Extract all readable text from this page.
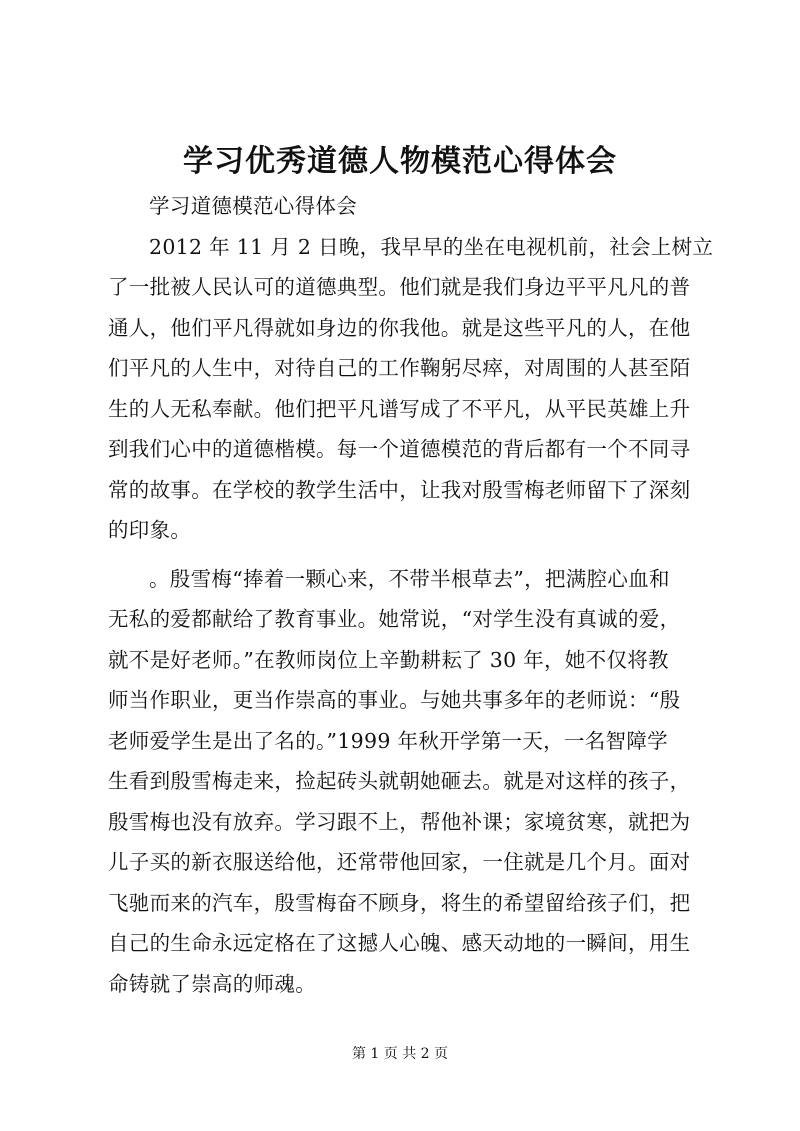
学习优秀道德人物模范心得体会
学习道德模范心得体会
2012 年 11 月 2 日晚，我早早的坐在电视机前，社会上树立
了一批被人民认可的道德典型。他们就是我们身边平平凡凡的普
通人，他们平凡得就如身边的你我他。就是这些平凡的人，在他
们平凡的人生中，对待自己的工作鞠躬尽瘁，对周围的人甚至陌
生的人无私奉献。他们把平凡谱写成了不平凡，从平民英雄上升
到我们心中的道德楷模。每一个道德模范的背后都有一个不同寻
常的故事。在学校的教学生活中，让我对殷雪梅老师留下了深刻
的印象。
。殷雪梅“捧着一颗心来，不带半根草去”，把满腔心血和
无私的爱都献给了教育事业。她常说，“对学生没有真诚的爱，
就不是好老师。”在教师岗位上辛勤耕耘了 30 年，她不仅将教
师当作职业，更当作崇高的事业。与她共事多年的老师说：“殷
老师爱学生是出了名的。”1999 年秋开学第一天，一名智障学
生看到殷雪梅走来，捡起砖头就朝她砸去。就是对这样的孩子，
殷雪梅也没有放弃。学习跟不上，帮他补课；家境贫寒，就把为
儿子买的新衣服送给他，还常带他回家，一住就是几个月。面对
飞驰而来的汽车，殷雪梅奋不顾身，将生的希望留给孩子们，把
自己的生命永远定格在了这撼人心魄、感天动地的一瞬间，用生
命铸就了崇高的师魂。
第 1 页 共 2 页
